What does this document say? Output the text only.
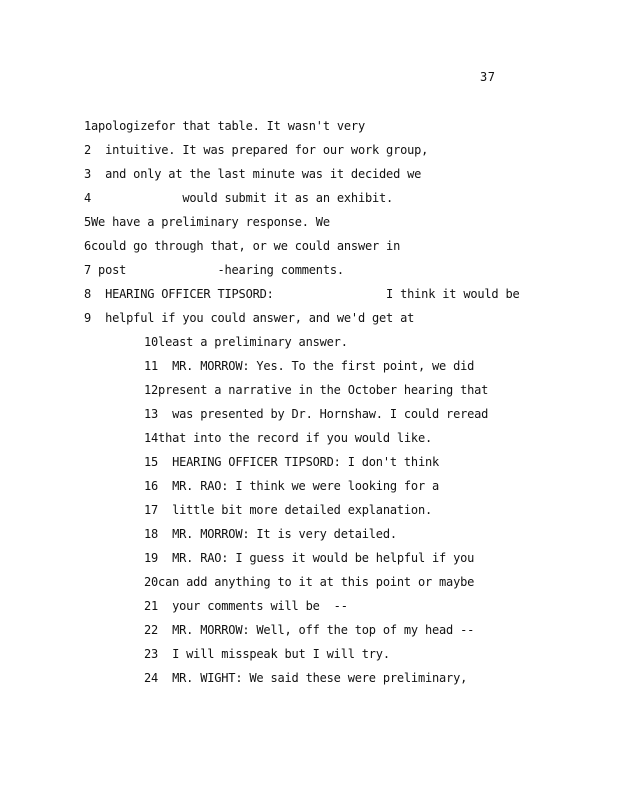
37
1apologizefor that table. It wasn't very
2  intuitive. It was prepared for our work group,
3  and only at the last minute was it decided we
4             would submit it as an exhibit.
5We have a preliminary response. We
6could go through that, or we could answer in
7 post             -hearing comments.
8  HEARING OFFICER TIPSORD:                I think it would be
9  helpful if you could answer, and we'd get at
10least a preliminary answer.
11  MR. MORROW: Yes. To the first point, we did
12present a narrative in the October hearing that
13  was presented by Dr. Hornshaw. I could reread
14that into the record if you would like.
15  HEARING OFFICER TIPSORD: I don't think
16  MR. RAO: I think we were looking for a
17  little bit more detailed explanation.
18  MR. MORROW: It is very detailed.
19  MR. RAO: I guess it would be helpful if you
20can add anything to it at this point or maybe
21  your comments will be  --
22  MR. MORROW: Well, off the top of my head --
23  I will misspeak but I will try.
24  MR. WIGHT: We said these were preliminary,
